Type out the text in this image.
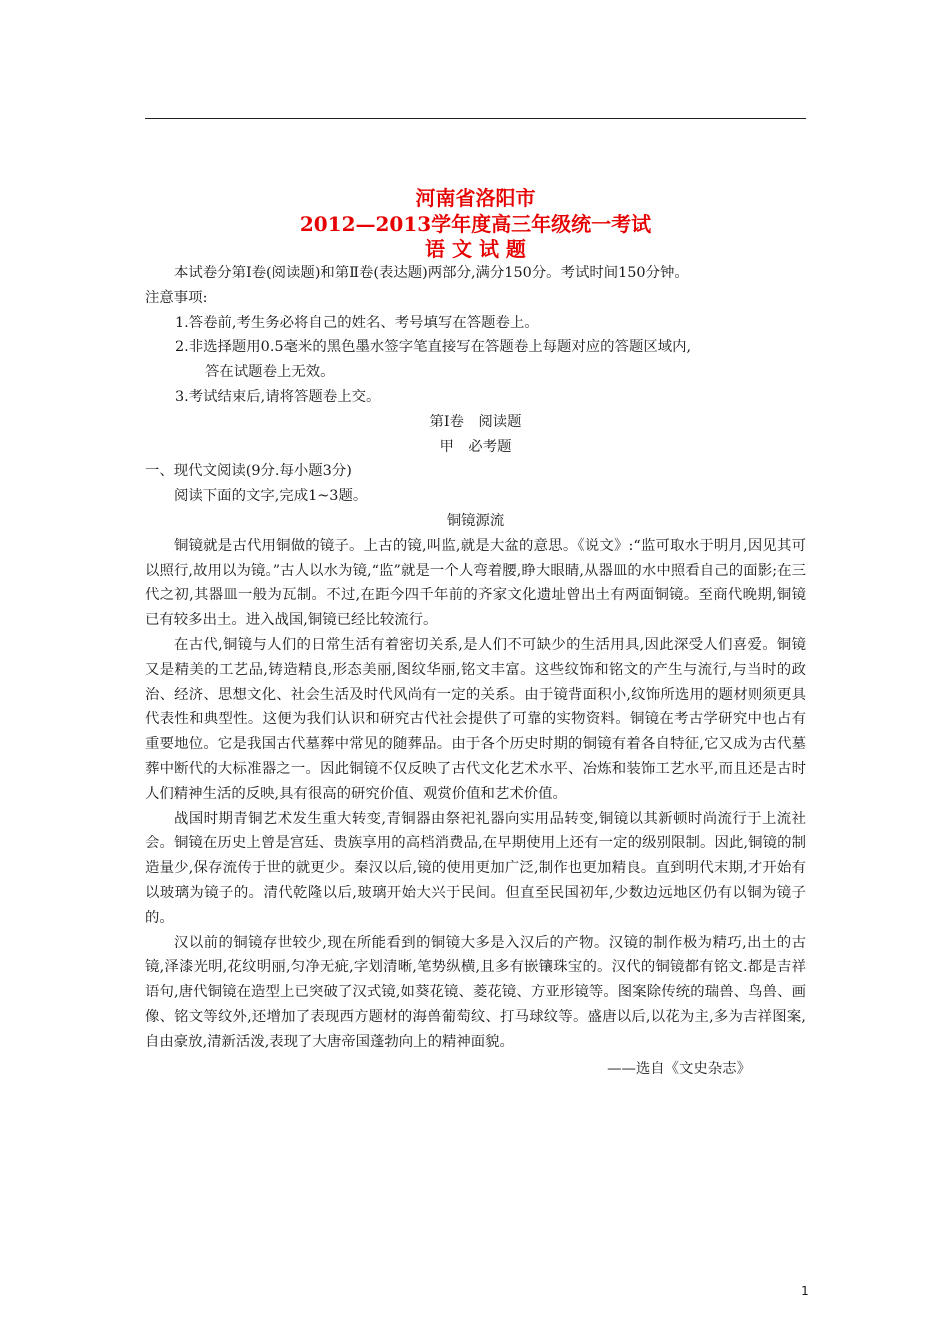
河南省洛阳市
2012—2013学年度高三年级统一考试
语 文 试 题

本试卷分第Ⅰ卷(阅读题)和第Ⅱ卷(表达题)两部分,满分150分。考试时间150分钟。

注意事项:

1.答卷前,考生务必将自己的姓名、考号填写在答题卷上。

2.非选择题用0.5毫米的黑色墨水签字笔直接写在答题卷上每题对应的答题区域内,

答在试题卷上无效。

3.考试结束后,请将答题卷上交。

第Ⅰ卷　阅读题

甲　必考题

一、现代文阅读(9分.每小题3分)

阅读下面的文字,完成1~3题。

铜镜源流

铜镜就是古代用铜做的镜子。上古的镜,叫监,就是大盆的意思。《说文》:“监可取水于明月,因见其可以照行,故用以为镜。”古人以水为镜,“监”就是一个人弯着腰,睁大眼睛,从器皿的水中照看自己的面影;在三代之初,其器皿一般为瓦制。不过,在距今四千年前的齐家文化遗址曾出土有两面铜镜。至商代晚期,铜镜已有较多出土。进入战国,铜镜已经比较流行。

在古代,铜镜与人们的日常生活有着密切关系,是人们不可缺少的生活用具,因此深受人们喜爱。铜镜又是精美的工艺品,铸造精良,形态美丽,图纹华丽,铭文丰富。这些纹饰和铭文的产生与流行,与当时的政治、经济、思想文化、社会生活及时代风尚有一定的关系。由于镜背面积小,纹饰所选用的题材则须更具代表性和典型性。这便为我们认识和研究古代社会提供了可靠的实物资料。铜镜在考古学研究中也占有重要地位。它是我国古代墓葬中常见的随葬品。由于各个历史时期的铜镜有着各自特征,它又成为古代墓葬中断代的大标准器之一。因此铜镜不仅反映了古代文化艺术水平、冶炼和装饰工艺水平,而且还是古时人们精神生活的反映,具有很高的研究价值、观赏价值和艺术价值。

战国时期青铜艺术发生重大转变,青铜器由祭祀礼器向实用品转变,铜镜以其新顿时尚流行于上流社会。铜镜在历史上曾是宫廷、贵族享用的高档消费品,在早期使用上还有一定的级别限制。因此,铜镜的制造量少,保存流传于世的就更少。秦汉以后,镜的使用更加广泛,制作也更加精良。直到明代末期,才开始有以玻璃为镜子的。清代乾隆以后,玻璃开始大兴于民间。但直至民国初年,少数边远地区仍有以铜为镜子的。

汉以前的铜镜存世较少,现在所能看到的铜镜大多是入汉后的产物。汉镜的制作极为精巧,出土的古镜,泽漆光明,花纹明丽,匀净无疵,字划清晰,笔势纵横,且多有嵌镶珠宝的。汉代的铜镜都有铭文.都是吉祥语句,唐代铜镜在造型上已突破了汉式镜,如葵花镜、菱花镜、方亚形镜等。图案除传统的瑞兽、鸟兽、画像、铭文等纹外,还增加了表现西方题材的海兽葡萄纹、打马球纹等。盛唐以后,以花为主,多为吉祥图案,自由豪放,清新活泼,表现了大唐帝国蓬勃向上的精神面貌。

——选自《文史杂志》

1
